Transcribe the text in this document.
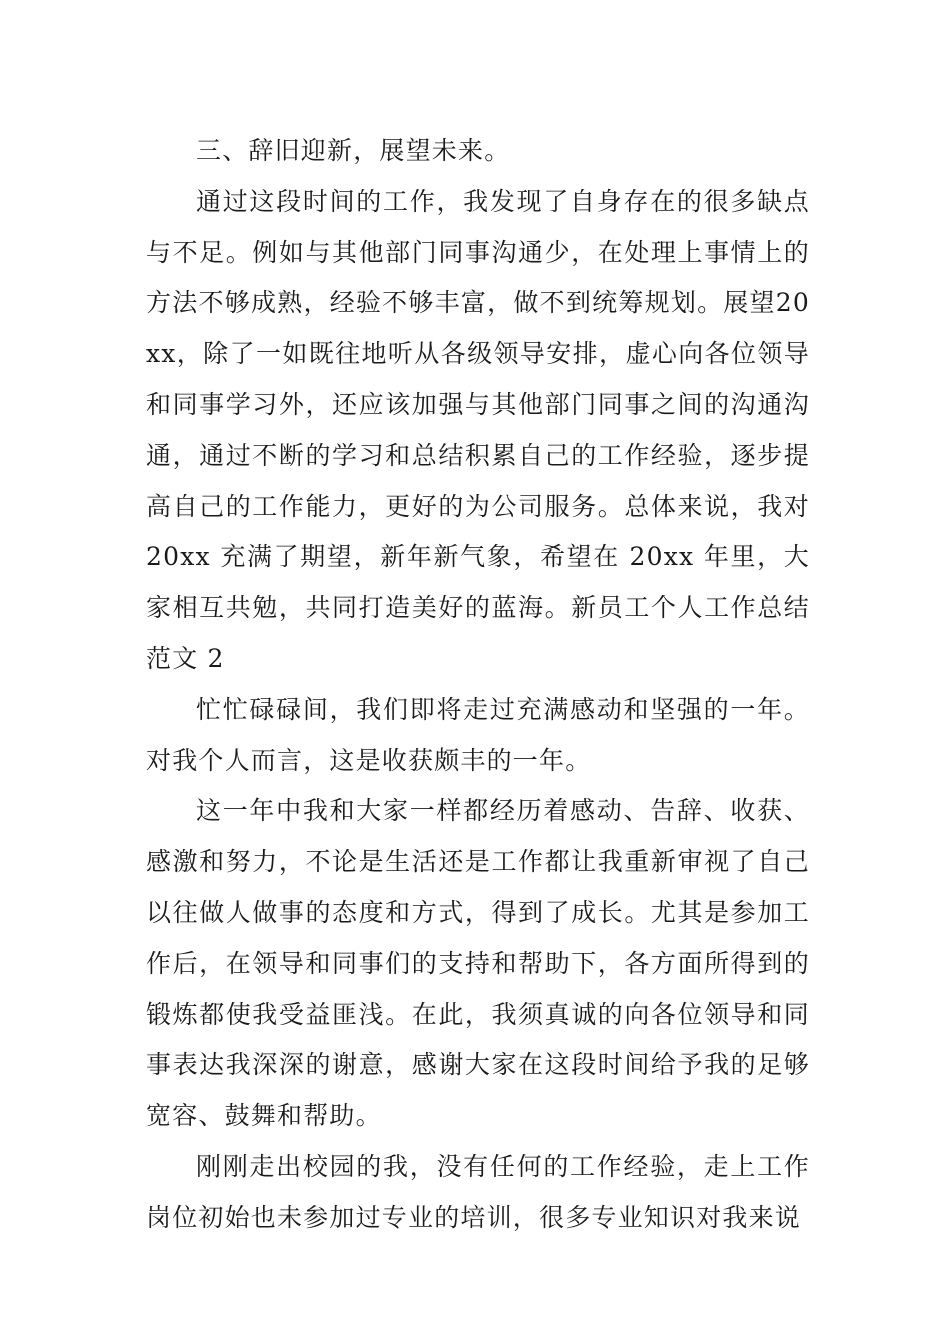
三、辞旧迎新，展望未来。

通过这段时间的工作，我发现了自身存在的很多缺点与不足。例如与其他部门同事沟通少，在处理上事情上的方法不够成熟，经验不够丰富，做不到统筹规划。展望20xx，除了一如既往地听从各级领导安排，虚心向各位领导和同事学习外，还应该加强与其他部门同事之间的沟通沟通，通过不断的学习和总结积累自己的工作经验，逐步提高自己的工作能力，更好的为公司服务。总体来说，我对 20xx 充满了期望，新年新气象，希望在 20xx 年里，大家相互共勉，共同打造美好的蓝海。新员工个人工作总结范文 2

忙忙碌碌间，我们即将走过充满感动和坚强的一年。对我个人而言，这是收获颇丰的一年。

这一年中我和大家一样都经历着感动、告辞、收获、感激和努力，不论是生活还是工作都让我重新审视了自己以往做人做事的态度和方式，得到了成长。尤其是参加工作后，在领导和同事们的支持和帮助下，各方面所得到的锻炼都使我受益匪浅。在此，我须真诚的向各位领导和同事表达我深深的谢意，感谢大家在这段时间给予我的足够宽容、鼓舞和帮助。

刚刚走出校园的我，没有任何的工作经验，走上工作岗位初始也未参加过专业的培训，很多专业知识对我来说
